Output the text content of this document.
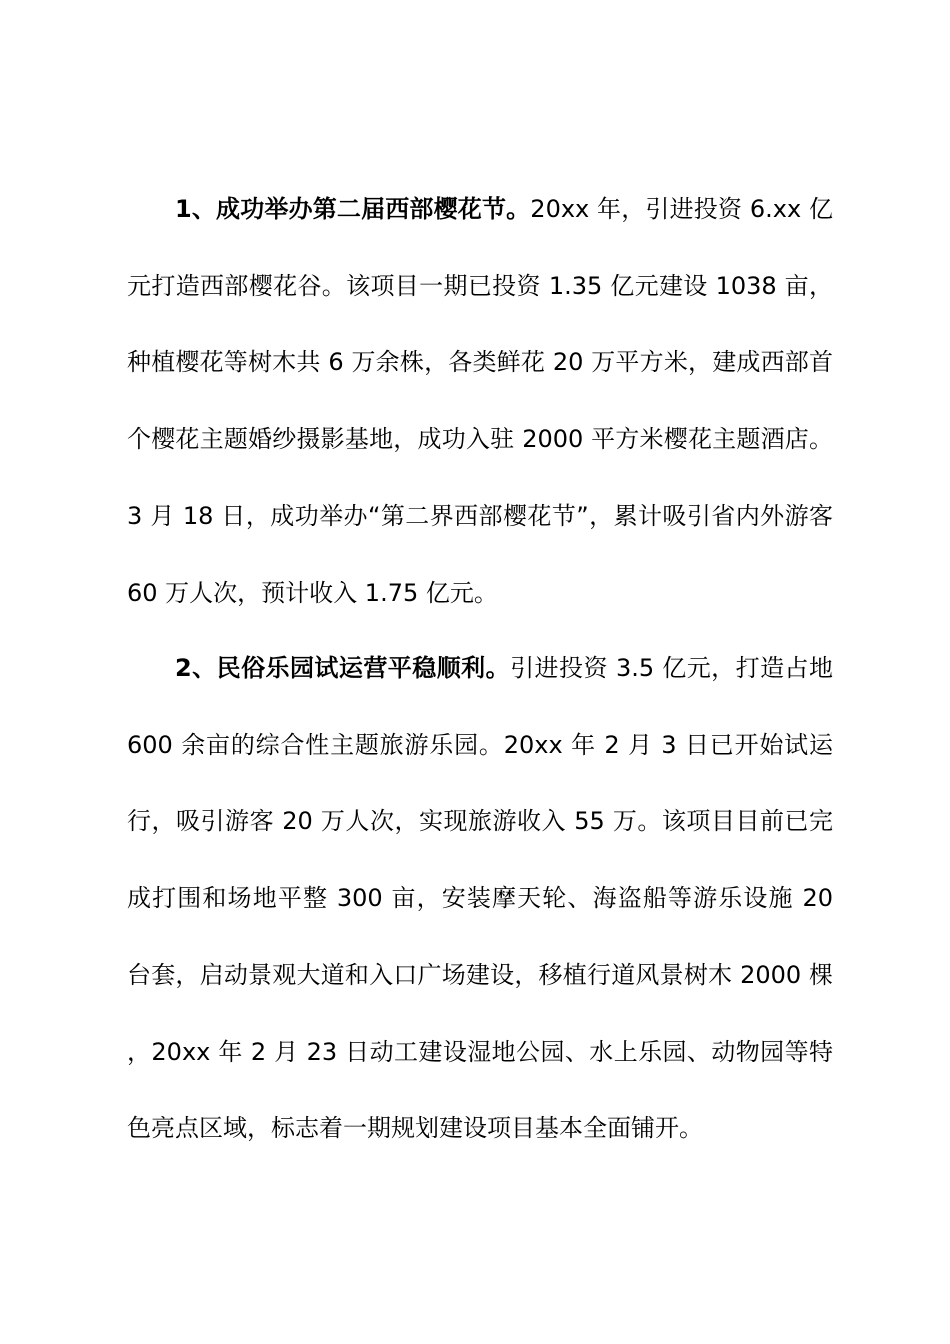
1、成功举办第二届西部樱花节。20xx 年，引进投资 6.xx 亿元打造西部樱花谷。该项目一期已投资 1.35 亿元建设 1038 亩，种植樱花等树木共 6 万余株，各类鲜花 20 万平方米，建成西部首个樱花主题婚纱摄影基地，成功入驻 2000 平方米樱花主题酒店。3 月 18 日，成功举办“第二界西部樱花节”，累计吸引省内外游客 60 万人次，预计收入 1.75 亿元。

2、民俗乐园试运营平稳顺利。引进投资 3.5 亿元，打造占地 600 余亩的综合性主题旅游乐园。20xx 年 2 月 3 日已开始试运行，吸引游客 20 万人次，实现旅游收入 55 万。该项目目前已完成打围和场地平整 300 亩，安装摩天轮、海盗船等游乐设施 20 台套，启动景观大道和入口广场建设，移植行道风景树木 2000 棵，20xx 年 2 月 23 日动工建设湿地公园、水上乐园、动物园等特色亮点区域，标志着一期规划建设项目基本全面铺开。
